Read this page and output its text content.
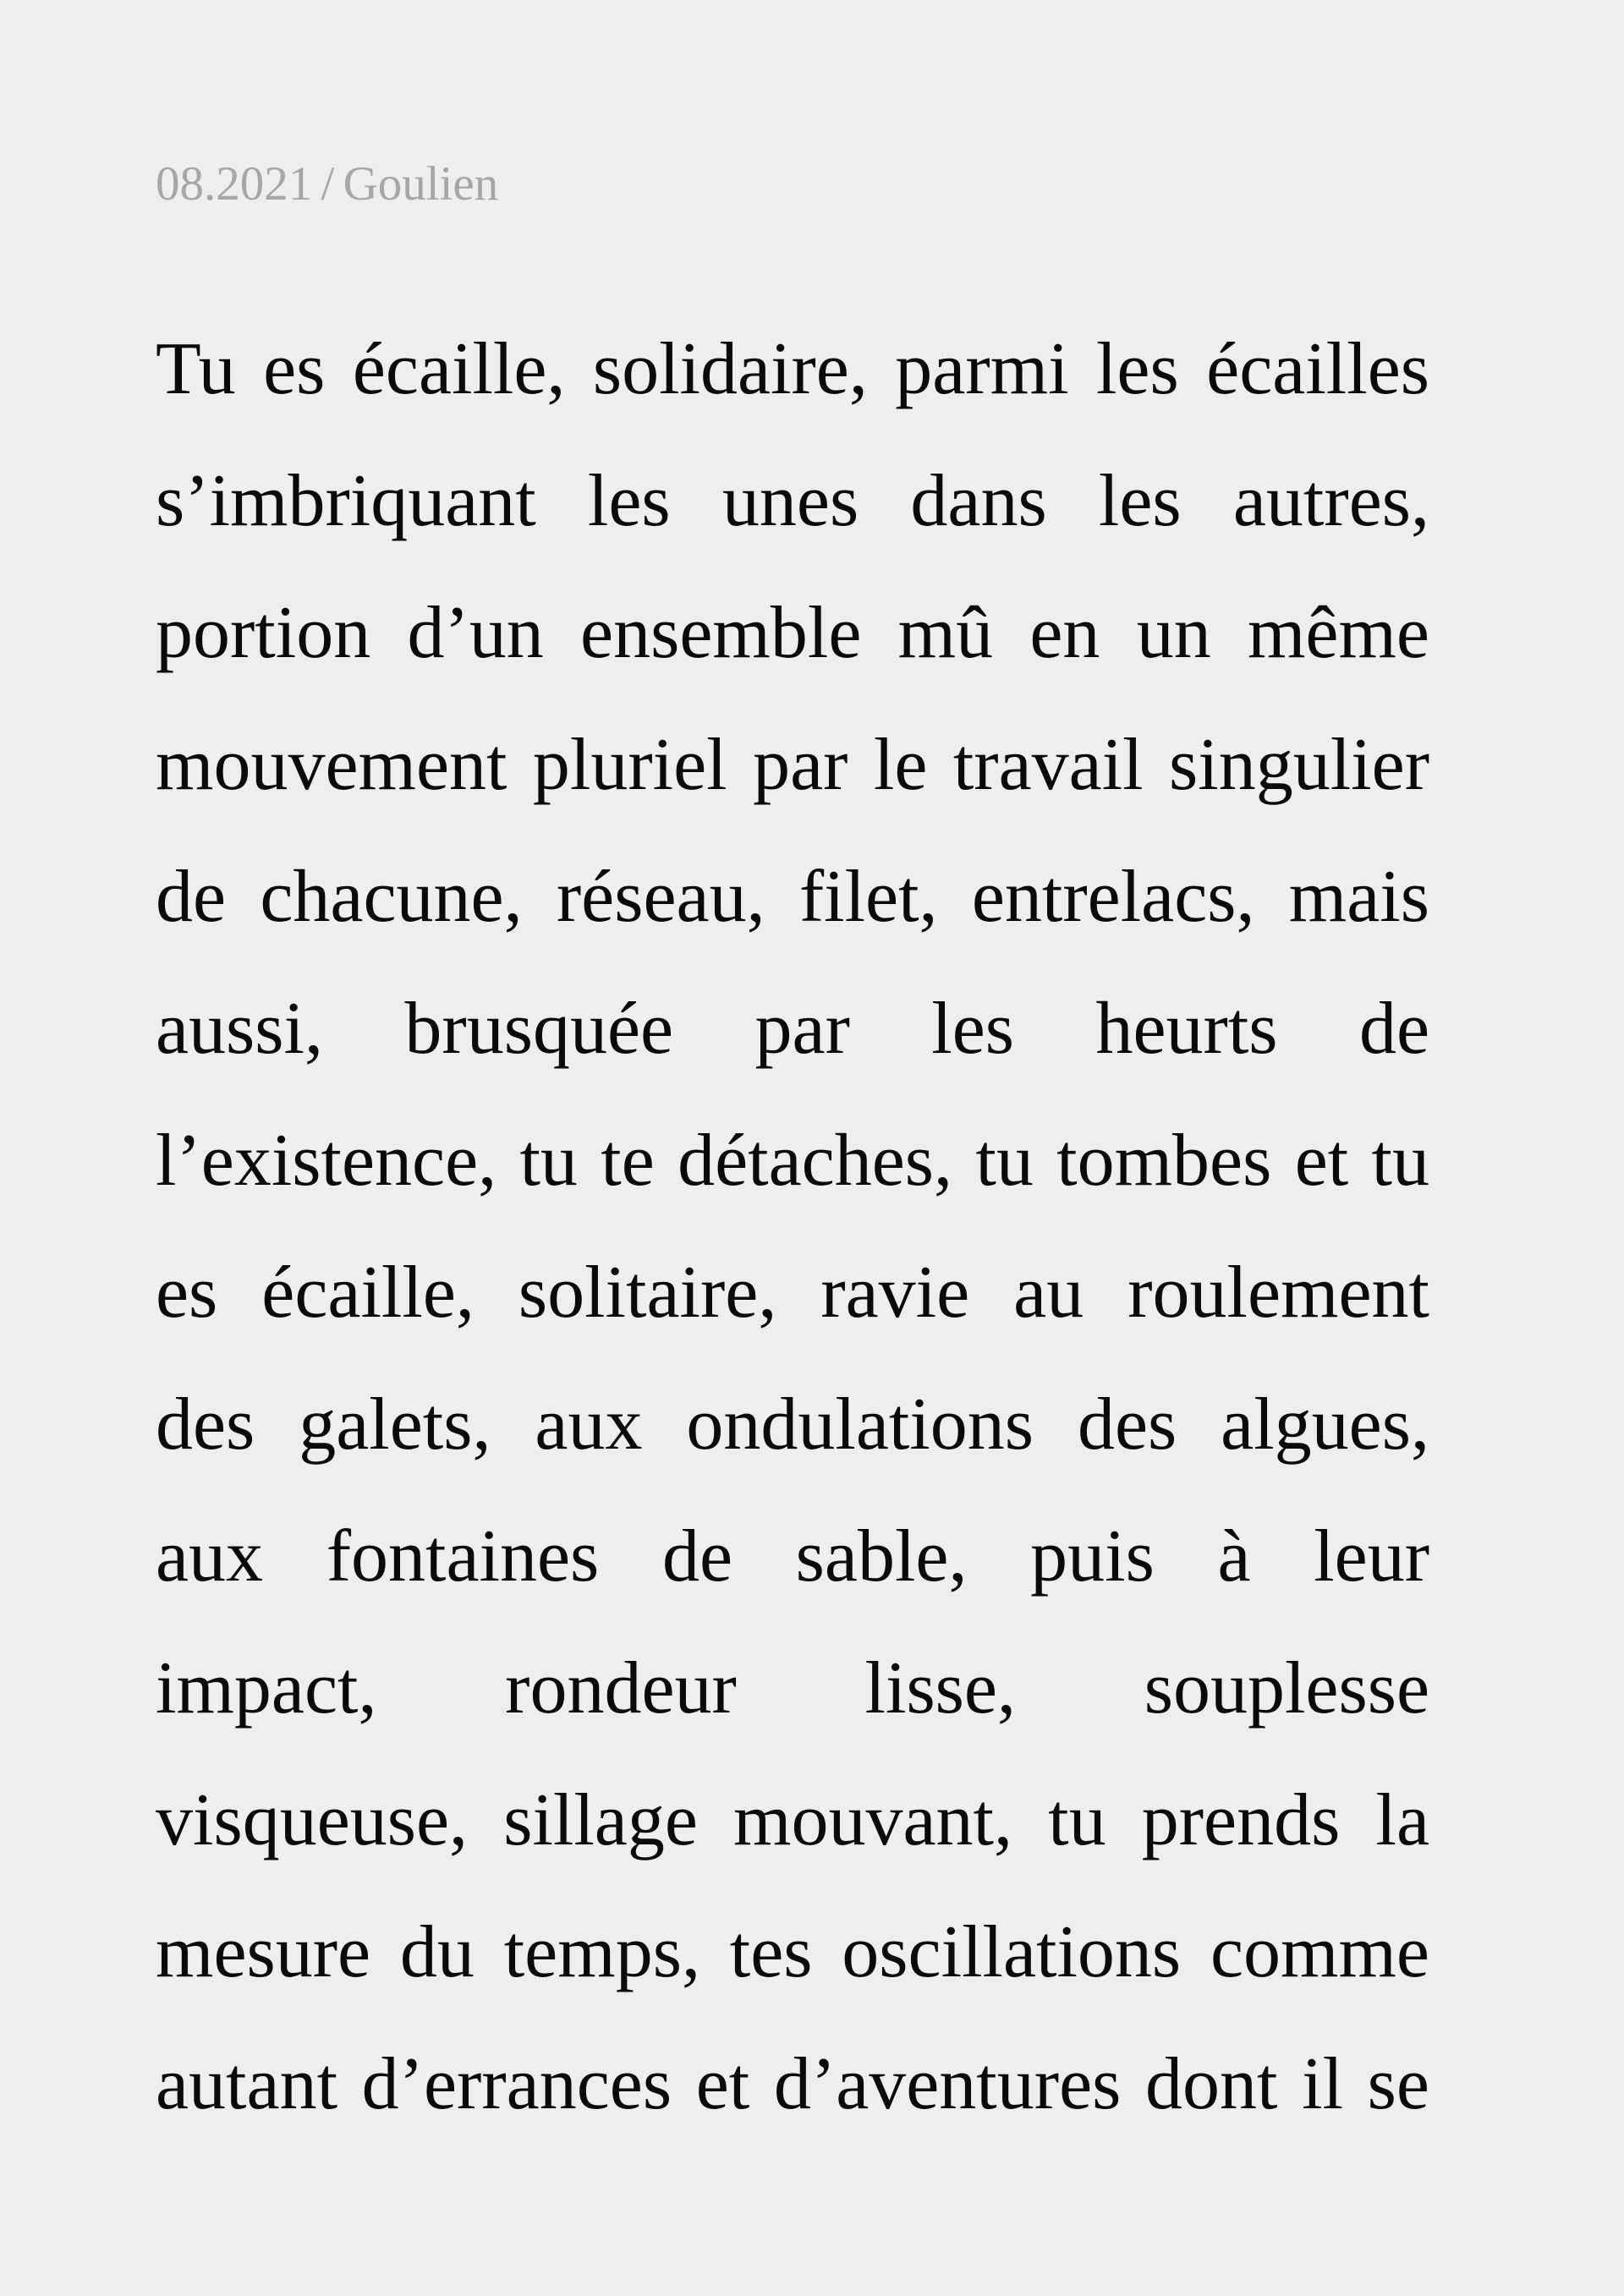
08.2021 / Goulien
Tu es écaille, solidaire, parmi les écailles
s’imbriquant les unes dans les autres,
portion d’un ensemble mû en un même
mouvement pluriel par le travail singulier
de chacune, réseau, filet, entrelacs, mais
aussi, brusquée par les heurts de
l’existence, tu te détaches, tu tombes et tu
es écaille, solitaire, ravie au roulement
des galets, aux ondulations des algues,
aux fontaines de sable, puis à leur
impact, rondeur lisse, souplesse
visqueuse, sillage mouvant, tu prends la
mesure du temps, tes oscillations comme
autant d’errances et d’aventures dont il se
